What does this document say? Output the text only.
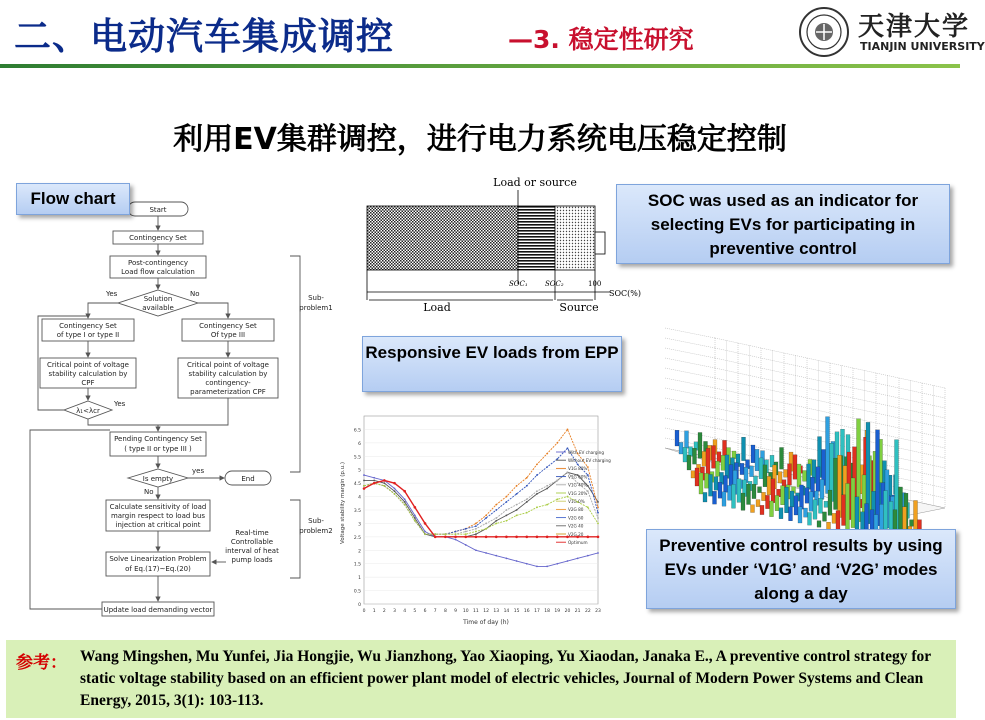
二、电动汽车集成调控	—3. 稳定性研究	天津大学
TIANJIN UNIVERSITY
利用EV集群调控，进行电力系统电压稳定控制
Start
Contingency Set
Post-contingency
Load flow calculation
Solution
available
Yes	No
Contingency Set
of type I or type II
Contingency Set
Of type III
Critical point of voltage
stability calculation by
CPF
Critical point of voltage
stability calculation by
contingency-
parameterization CPF
λ₁<λcr
Yes
Pending Contingency Set
( type II or type III )
Is empty
yes
No
End
Calculate sensitivity of load
margin respect to load bus
injection at critical point
Real-time
Controllable
interval of heat
pump loads
Solve Linearization Problem
of Eq.(17)~Eq.(20)
Update load demanding vector
Sub-
problem1
Sub-
problem2
Flow chart
Load or source
SOC₁ SOC₂	100
SOC(%)
Load	Source
SOC was used as an indicator for selecting EVs for participating in preventive control
Responsive EV loads from EPP
0
0.5
1
1.5
2
2.5
3
3.5
4
4.5
5
5.5
6
6.5
0 1 2 3 4 5 6 7 8 9 10 11 12 13 14 15 16 17 18 19 20 21 22 23
With EV charging
Without EV charging
V1G 80%
V1G 60%
V1G 40%
V1G 20%
V1G 0%
V2G 80
V2G 60
V2G 40
V2G 20
Optimum
Voltage stability margin (p.u.)
Time of day (h)
Preventive control results by using EVs under ‘V1G’ and ‘V2G’ modes along a day
参考： Wang Mingshen, Mu Yunfei, Jia Hongjie, Wu Jianzhong, Yao Xiaoping, Yu Xiaodan, Janaka E., A preventive control strategy for static voltage stability based on an efficient power plant model of electric vehicles, Journal of Modern Power Systems and Clean Energy, 2015, 3(1): 103-113.
